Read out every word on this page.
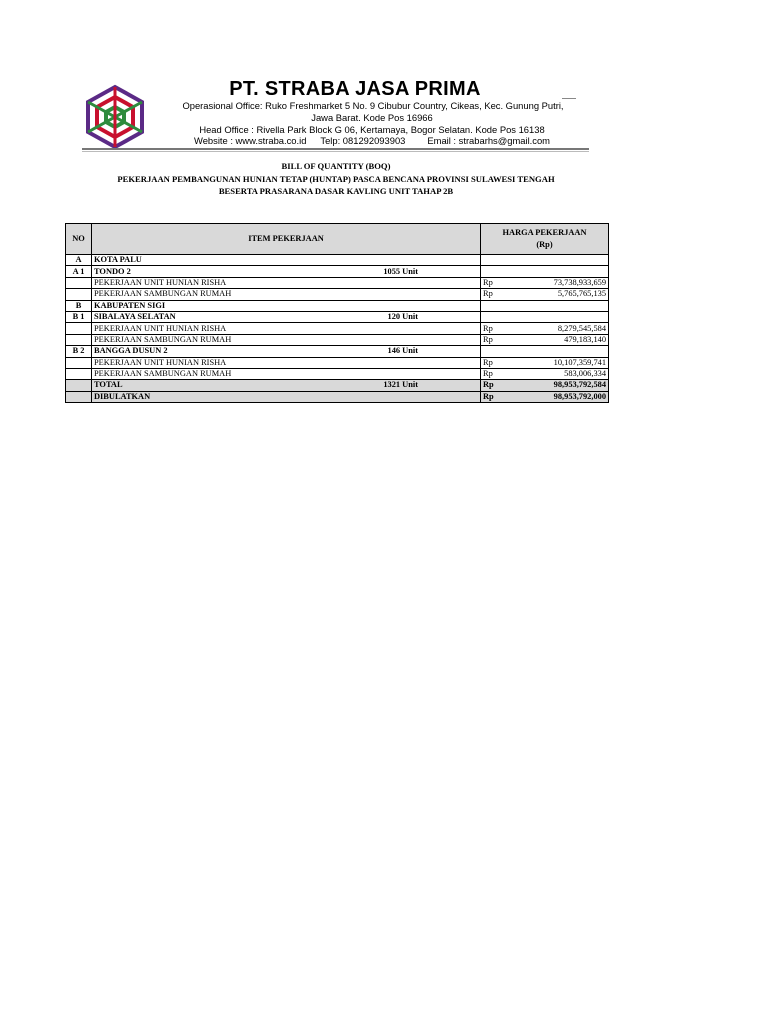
PT. STRABA JASA PRIMA
Operasional Office: Ruko Freshmarket 5 No. 9 Cibubur Country, Cikeas, Kec. Gunung Putri,
Jawa Barat. Kode Pos 16966
Head Office : Rivella Park Block G 06, Kertamaya, Bogor Selatan. Kode Pos 16138
Website : www.straba.co.id Telp: 081292093903 Email : strabarhs@gmail.com
BILL OF QUANTITY (BOQ)
PEKERJAAN PEMBANGUNAN HUNIAN TETAP (HUNTAP) PASCA BENCANA PROVINSI SULAWESI TENGAH
BESERTA PRASARANA DASAR KAVLING UNIT TAHAP 2B
NO	ITEM PEKERJAAN	HARGA PEKERJAAN
(Rp)	

A	KOTA PALU		
A 1	TONDO 2 1055 Unit		

	PEKERJAAN UNIT HUNIAN RISHA	Rp	73,738,933,659
	PEKERJAAN SAMBUNGAN RUMAH	Rp	5,765,765,135
B	KABUPATEN SIGI		
B 1	SIBALAYA SELATAN 120 Unit		

	PEKERJAAN UNIT HUNIAN RISHA	Rp	8,279,545,584
	PEKERJAAN SAMBUNGAN RUMAH	Rp	479,183,140
B 2	BANGGA DUSUN 2 146 Unit		

	PEKERJAAN UNIT HUNIAN RISHA	Rp	10,107,359,741
	PEKERJAAN SAMBUNGAN RUMAH	Rp	583,006,334
	TOTAL 1321 Unit	Rp	98,953,792,584
	DIBULATKAN	Rp	98,953,792,000
